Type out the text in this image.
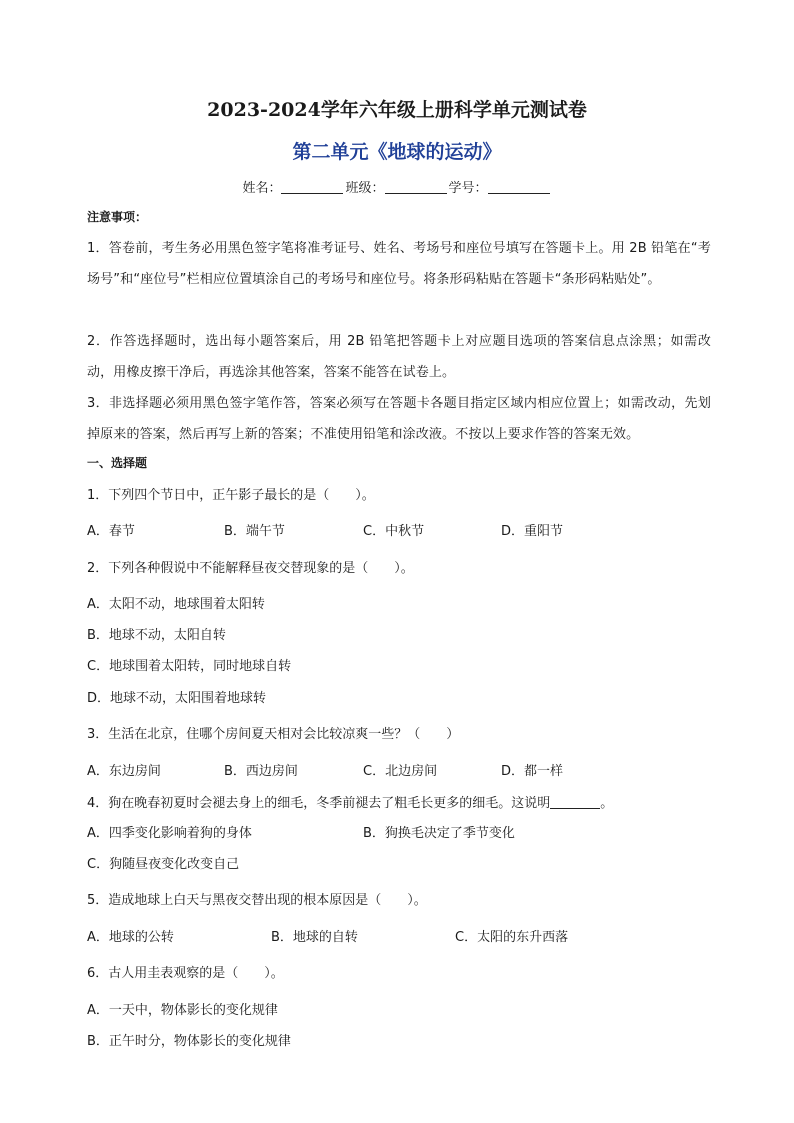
2023-2024学年六年级上册科学单元测试卷
第二单元《地球的运动》
姓名：	班级：	学号：
注意事项：
1．答卷前，考生务必用黑色签字笔将准考证号、姓名、考场号和座位号填写在答题卡上。用 2B 铅笔在“考场号”和“座位号”栏相应位置填涂自己的考场号和座位号。将条形码粘贴在答题卡“条形码粘贴处”。
2．作答选择题时，选出每小题答案后，用 2B 铅笔把答题卡上对应题目选项的答案信息点涂黑；如需改动，用橡皮擦干净后，再选涂其他答案，答案不能答在试卷上。
3．非选择题必须用黑色签字笔作答，答案必须写在答题卡各题目指定区域内相应位置上；如需改动，先划掉原来的答案，然后再写上新的答案；不准使用铅笔和涂改液。不按以上要求作答的答案无效。
一、选择题
1．下列四个节日中，正午影子最长的是（　　）。
A．春节	B．端午节	C．中秋节	D．重阳节
2．下列各种假说中不能解释昼夜交替现象的是（　　）。
A．太阳不动，地球围着太阳转
B．地球不动，太阳自转
C．地球围着太阳转，同时地球自转
D．地球不动，太阳围着地球转
3．生活在北京，住哪个房间夏天相对会比较凉爽一些？（　　）
A．东边房间	B．西边房间	C．北边房间	D．都一样
4．狗在晚春初夏时会褪去身上的细毛，冬季前褪去了粗毛长更多的细毛。这说明	。
A．四季变化影响着狗的身体	B．狗换毛决定了季节变化
C．狗随昼夜变化改变自己
5．造成地球上白天与黑夜交替出现的根本原因是（　　）。
A．地球的公转	B．地球的自转	C．太阳的东升西落
6．古人用圭表观察的是（　　）。
A．一天中，物体影长的变化规律
B．正午时分，物体影长的变化规律
